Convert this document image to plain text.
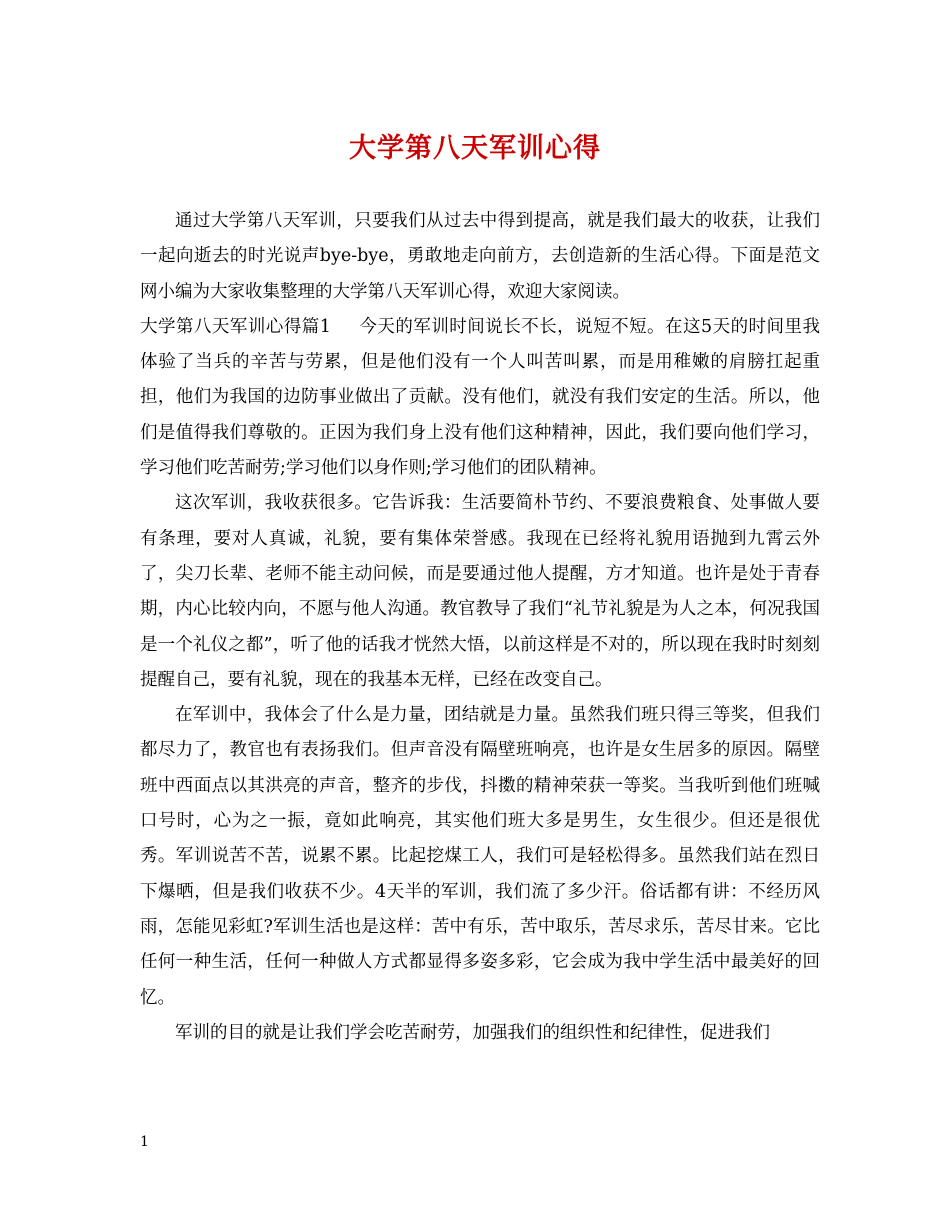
大学第八天军训心得

通过大学第八天军训，只要我们从过去中得到提高，就是我们最大的收获，让我们一起向逝去的时光说声bye-bye，勇敢地走向前方，去创造新的生活心得。下面是范文网小编为大家收集整理的大学第八天军训心得，欢迎大家阅读。

大学第八天军训心得篇1 今天的军训时间说长不长，说短不短。在这5天的时间里我体验了当兵的辛苦与劳累，但是他们没有一个人叫苦叫累，而是用稚嫩的肩膀扛起重担，他们为我国的边防事业做出了贡献。没有他们，就没有我们安定的生活。所以，他们是值得我们尊敬的。正因为我们身上没有他们这种精神，因此，我们要向他们学习，学习他们吃苦耐劳;学习他们以身作则;学习他们的团队精神。

这次军训，我收获很多。它告诉我：生活要简朴节约、不要浪费粮食、处事做人要有条理，要对人真诚，礼貌，要有集体荣誉感。我现在已经将礼貌用语抛到九霄云外了，尖刀长辈、老师不能主动问候，而是要通过他人提醒，方才知道。也许是处于青春期，内心比较内向，不愿与他人沟通。教官教导了我们“礼节礼貌是为人之本，何况我国是一个礼仪之都”，听了他的话我才恍然大悟，以前这样是不对的，所以现在我时时刻刻提醒自己，要有礼貌，现在的我基本无样，已经在改变自己。

在军训中，我体会了什么是力量，团结就是力量。虽然我们班只得三等奖，但我们都尽力了，教官也有表扬我们。但声音没有隔壁班响亮，也许是女生居多的原因。隔壁班中西面点以其洪亮的声音，整齐的步伐，抖擞的精神荣获一等奖。当我听到他们班喊口号时，心为之一振，竟如此响亮，其实他们班大多是男生，女生很少。但还是很优秀。军训说苦不苦，说累不累。比起挖煤工人，我们可是轻松得多。虽然我们站在烈日下爆晒，但是我们收获不少。4天半的军训，我们流了多少汗。俗话都有讲：不经历风雨，怎能见彩虹?军训生活也是这样：苦中有乐，苦中取乐，苦尽求乐，苦尽甘来。它比任何一种生活，任何一种做人方式都显得多姿多彩，它会成为我中学生活中最美好的回忆。

军训的目的就是让我们学会吃苦耐劳，加强我们的组织性和纪律性，促进我们

1
